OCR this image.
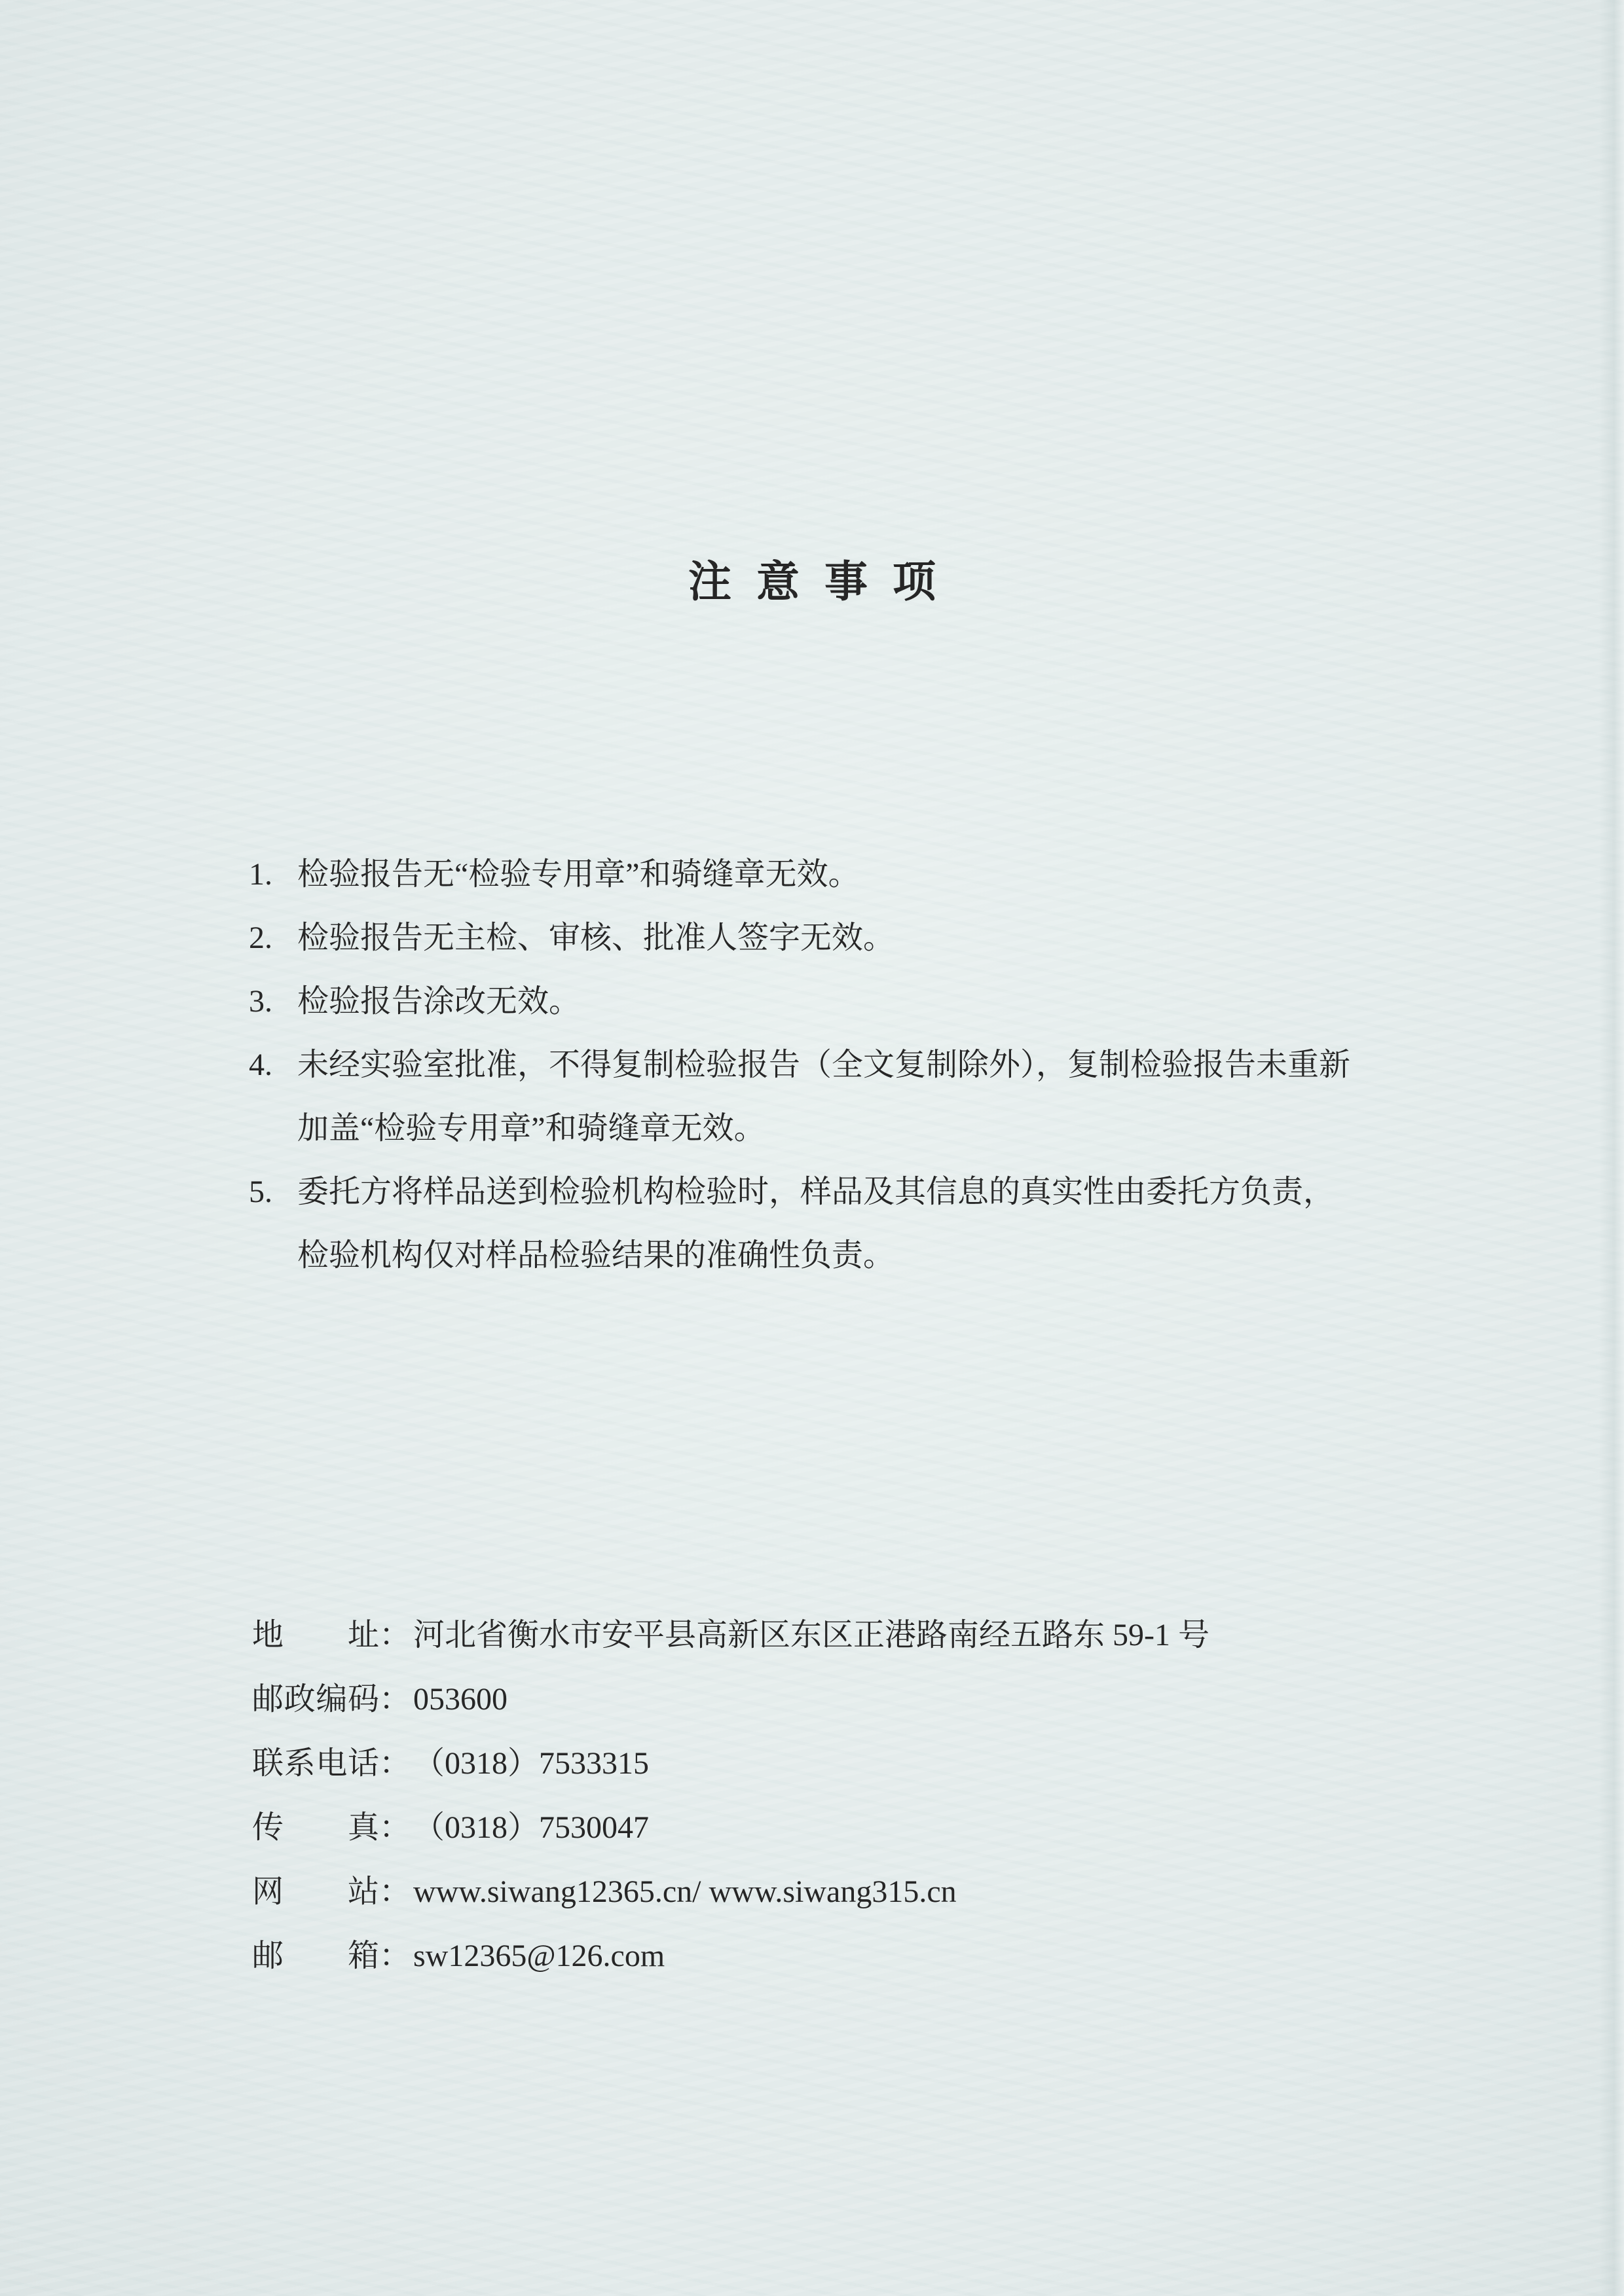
注意事项
1. 检验报告无“检验专用章”和骑缝章无效。
2. 检验报告无主检、审核、批准人签字无效。
3. 检验报告涂改无效。
4. 未经实验室批准，不得复制检验报告（全文复制除外），复制检验报告未重新
加盖“检验专用章”和骑缝章无效。
5. 委托方将样品送到检验机构检验时，样品及其信息的真实性由委托方负责，
检验机构仅对样品检验结果的准确性负责。
地址 ： 河北省衡水市安平县高新区东区正港路南经五路东 59-1 号
邮政编码 ： 053600
联系电话 ： （0318）7533315
传真 ： （0318）7530047
网站 ： www.siwang12365.cn/ www.siwang315.cn
邮箱 ： sw12365@126.com
